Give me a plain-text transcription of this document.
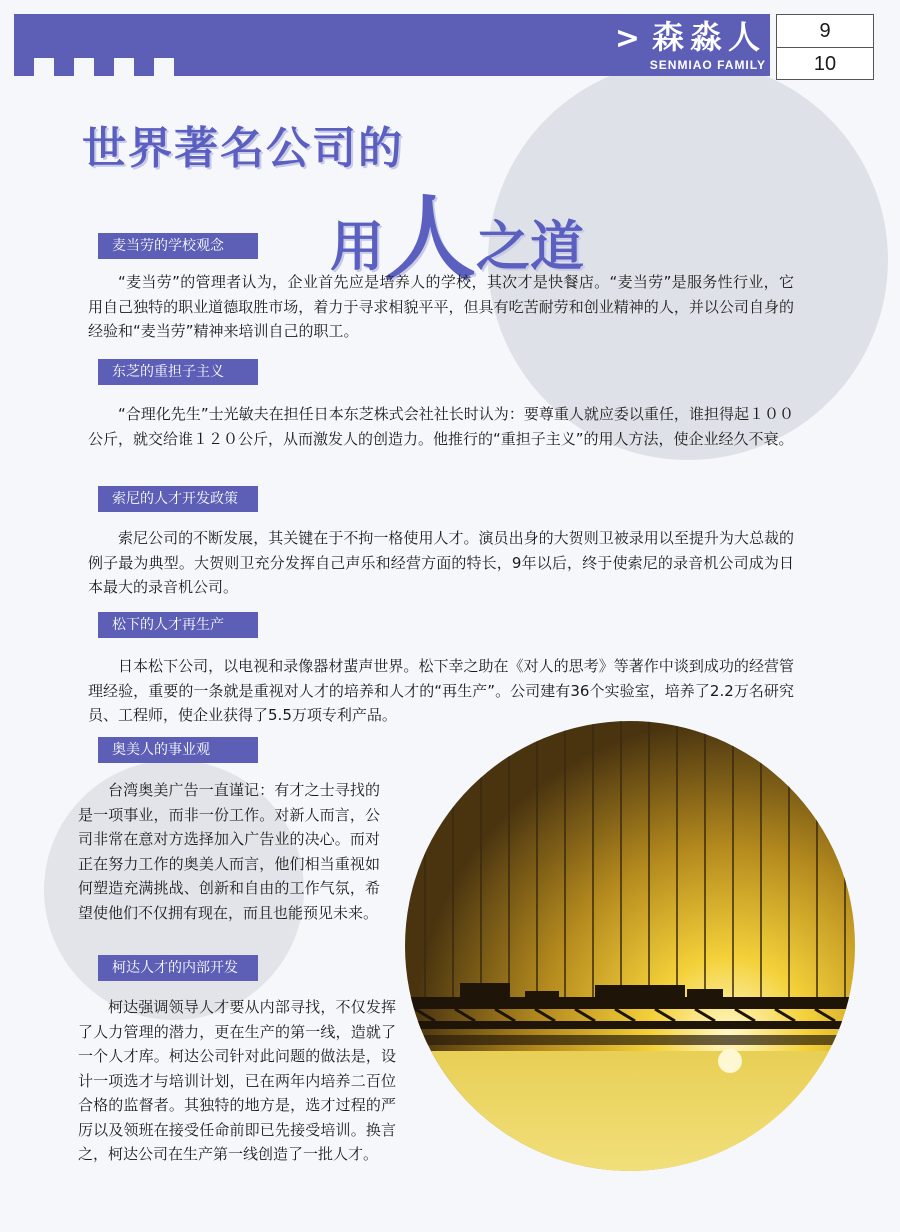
> 森淼人
SENMIAO FAMILY
9
10
世界著名公司的
用人之道
麦当劳的学校观念
“麦当劳”的管理者认为，企业首先应是培养人的学校，其次才是快餐店。“麦当劳”是服务性行业，它用自己独特的职业道德取胜市场，着力于寻求相貌平平，但具有吃苦耐劳和创业精神的人，并以公司自身的经验和“麦当劳”精神来培训自己的职工。
东芝的重担子主义
“合理化先生”士光敏夫在担任日本东芝株式会社社长时认为：要尊重人就应委以重任，谁担得起１００公斤，就交给谁１２０公斤，从而激发人的创造力。他推行的“重担子主义”的用人方法，使企业经久不衰。
索尼的人才开发政策
索尼公司的不断发展，其关键在于不拘一格使用人才。演员出身的大贺则卫被录用以至提升为大总裁的例子最为典型。大贺则卫充分发挥自己声乐和经营方面的特长，9年以后，终于使索尼的录音机公司成为日本最大的录音机公司。
松下的人才再生产
日本松下公司，以电视和录像器材蜚声世界。松下幸之助在《对人的思考》等著作中谈到成功的经营管理经验，重要的一条就是重视对人才的培养和人才的“再生产”。公司建有36个实验室，培养了2.2万名研究员、工程师，使企业获得了5.5万项专利产品。
奥美人的事业观
台湾奥美广告一直谨记：有才之士寻找的是一项事业，而非一份工作。对新人而言，公司非常在意对方选择加入广告业的决心。而对正在努力工作的奥美人而言，他们相当重视如何塑造充满挑战、创新和自由的工作气氛，希望使他们不仅拥有现在，而且也能预见未来。
柯达人才的内部开发
柯达强调领导人才要从内部寻找，不仅发挥了人力管理的潜力，更在生产的第一线，造就了一个人才库。柯达公司针对此问题的做法是，设计一项选才与培训计划，已在两年内培养二百位合格的监督者。其独特的地方是，选才过程的严厉以及领班在接受任命前即已先接受培训。换言之，柯达公司在生产第一线创造了一批人才。
